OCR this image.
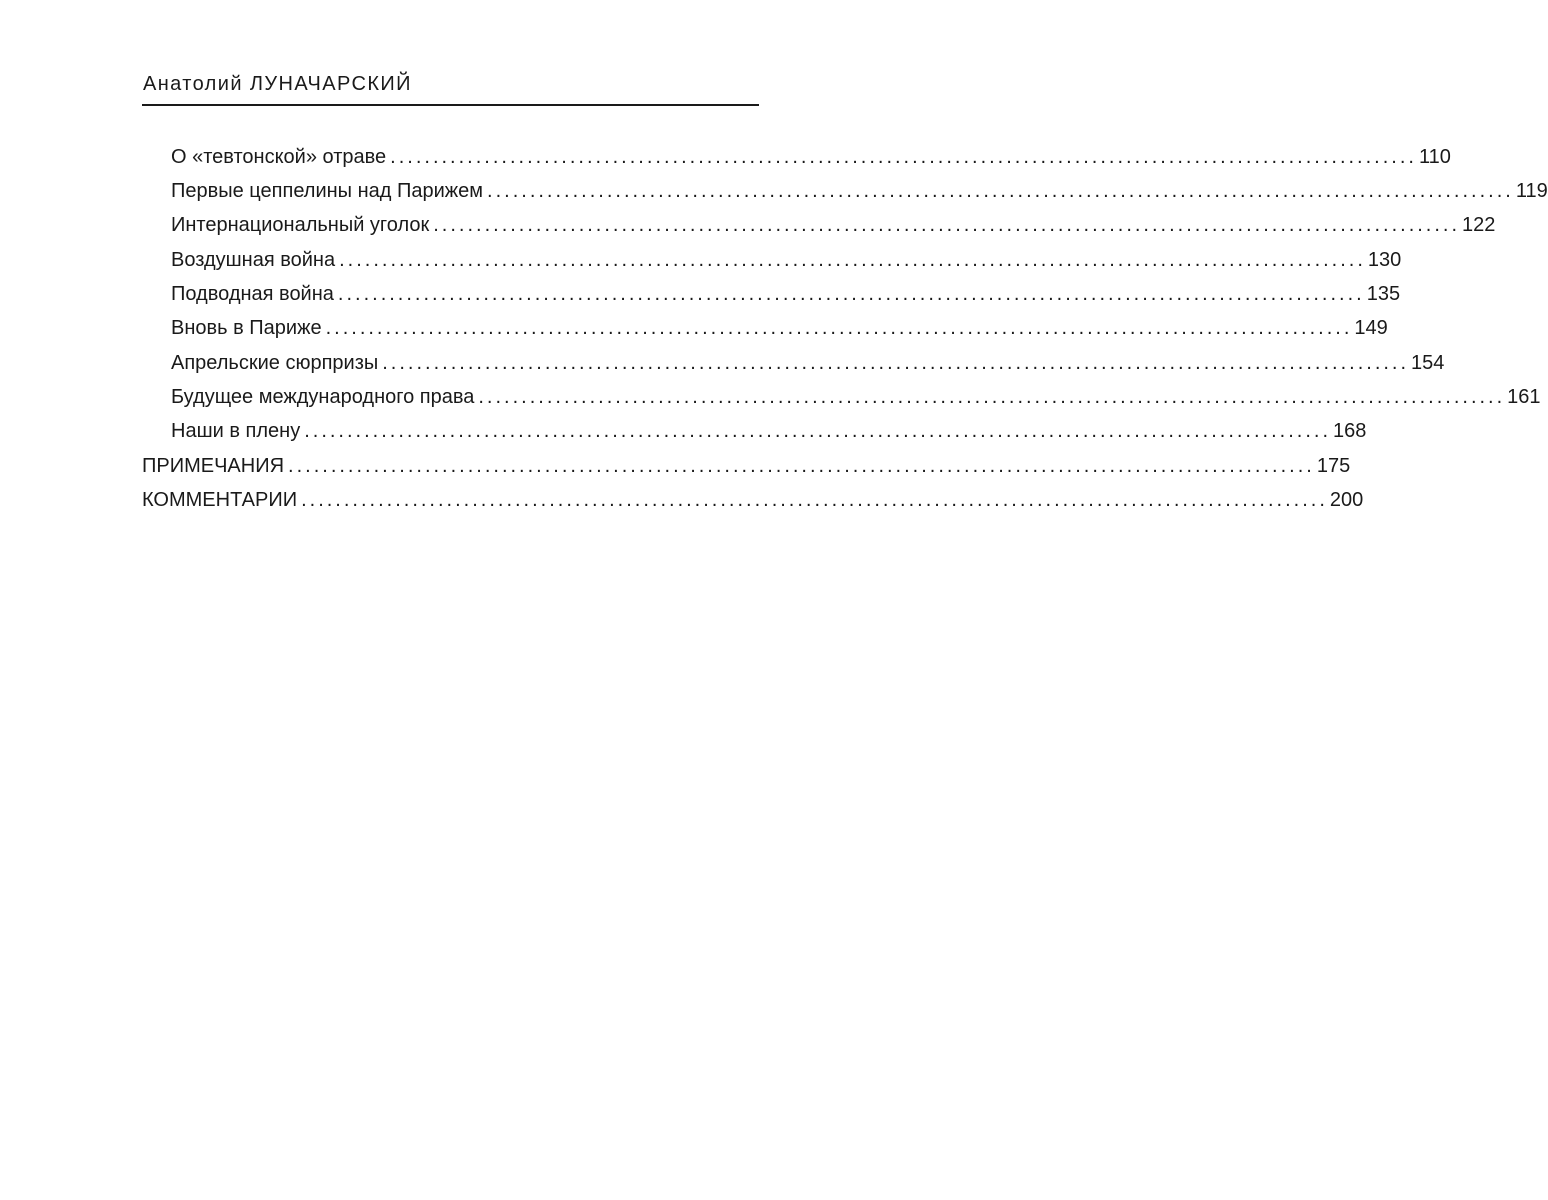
Анатолий ЛУНАЧАРСКИЙ
О «тевтонской» отраве ........................................................................................................................ 110
Первые цеппелины над Парижем ........................................................................................................................ 119
Интернациональный уголок ........................................................................................................................ 122
Воздушная война ........................................................................................................................ 130
Подводная война ........................................................................................................................ 135
Вновь в Париже ........................................................................................................................ 149
Апрельские сюрпризы ........................................................................................................................ 154
Будущее международного права ........................................................................................................................ 161
Наши в плену ........................................................................................................................ 168
ПРИМЕЧАНИЯ ........................................................................................................................ 175
КОММЕНТАРИИ ........................................................................................................................ 200
